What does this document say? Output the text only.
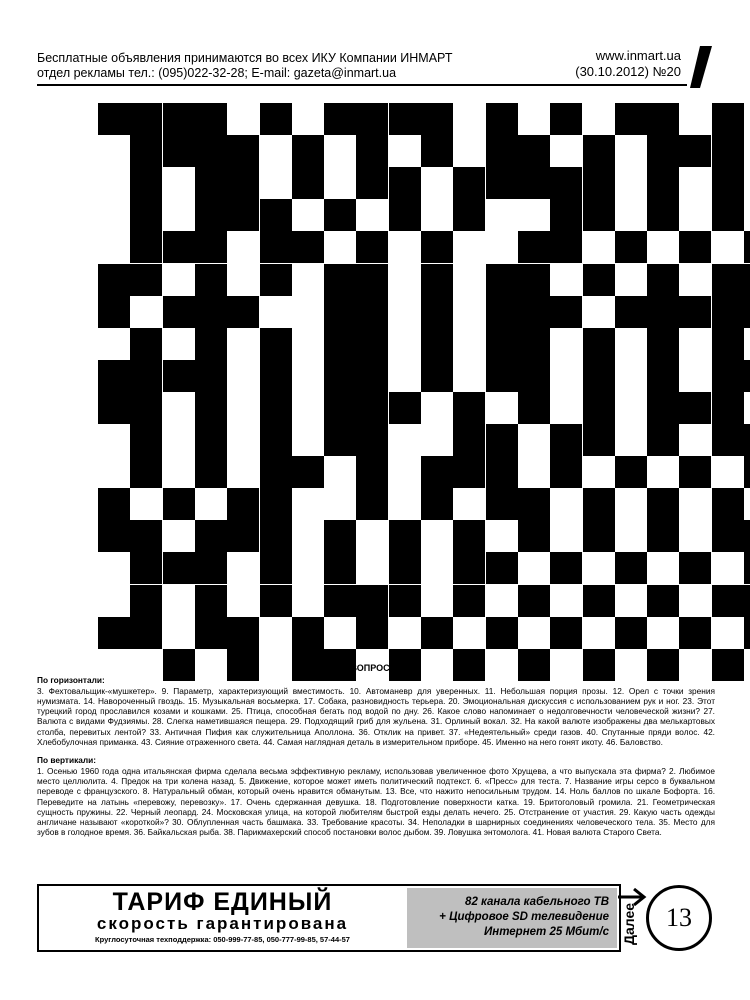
Бесплатные объявления принимаются во всех ИКУ Компании ИНМАРТ
отдел рекламы тел.: (095)022-32-28; E-mail: gazeta@inmart.ua
www.inmart.ua
(30.10.2012) №20
1	2	3	5	6
10
13
15
18
23
27	28
32
33	34
38	39
40
43
ВОПРОСЫ:
По горизонтали:
3. Фехтовальщик-«мушкетер». 9. Параметр, характеризующий вместимость. 10. Автоманевр для уверенных. 11. Небольшая порция прозы. 12. Орел с точки зрения нумизмата. 14. Навороченный гвоздь. 15. Музыкальная восьмерка. 17. Собака, разновидность терьера. 20. Эмоциональная дискуссия с использованием рук и ног. 23. Этот турецкий город прославился козами и кошками. 25. Птица, способная бегать под водой по дну. 26. Какое слово напоминает о недолговечности человеческой жизни? 27. Валюта с видами Фудзиямы. 28. Слегка наметившаяся пещера. 29. Подходящий гриб для жульена. 31. Орлиный вокал. 32. На какой валюте изображены два мелькартовых столба, перевитых лентой? 33. Античная Пифия как служительница Аполлона. 36. Отклик на привет. 37. «Недеятельный» среди газов. 40. Спутанные пряди волос. 42. Хлебобулочная приманка. 43. Сияние отраженного света. 44. Самая наглядная деталь в измерительном приборе. 45. Именно на него гонят икоту. 46. Баловство.
По вертикали:
1. Осенью 1960 года одна итальянская фирма сделала весьма эффективную рекламу, использовав увеличенное фото Хрущева, а что выпускала эта фирма? 2. Любимое место целлюлита. 4. Предок на три колена назад. 5. Движение, которое может иметь политический подтекст. 6. «Пресс» для теста. 7. Название игры серсо в буквальном переводе с французского. 8. Натуральный обман, который очень нравится обманутым. 13. Все, что нажито непосильным трудом. 14. Ноль баллов по шкале Бофорта. 16. Переведите на латынь «перевожу, перевозку». 17. Очень сдержанная девушка. 18. Подготовление поверхности катка. 19. Бритоголовый громила. 21. Геометрическая сущность пружины. 22. Черный леопард. 24. Московская улица, на которой любителям быстрой езды делать нечего. 25. Отстранение от участия. 29. Какую часть одежды англичане называют «короткой»? 30. Облупленная часть башмака. 33. Требование красоты. 34. Неполадки в шарнирных соединениях человеческого тела. 35. Место для зубов в голодное время. 36. Байкальская рыба. 38. Парикмахерский способ постановки волос дыбом. 39. Ловушка энтомолога. 41. Новая валюта Старого Света.
ТАРИФ ЕДИНЫЙ
скорость гарантирована
Круглосуточная техподдержка: 050-999-77-85, 050-777-99-85, 57-44-57
82 канала кабельного ТВ
+ Цифровое SD телевидение
Интернет 25 Мбит/с Далее	13
